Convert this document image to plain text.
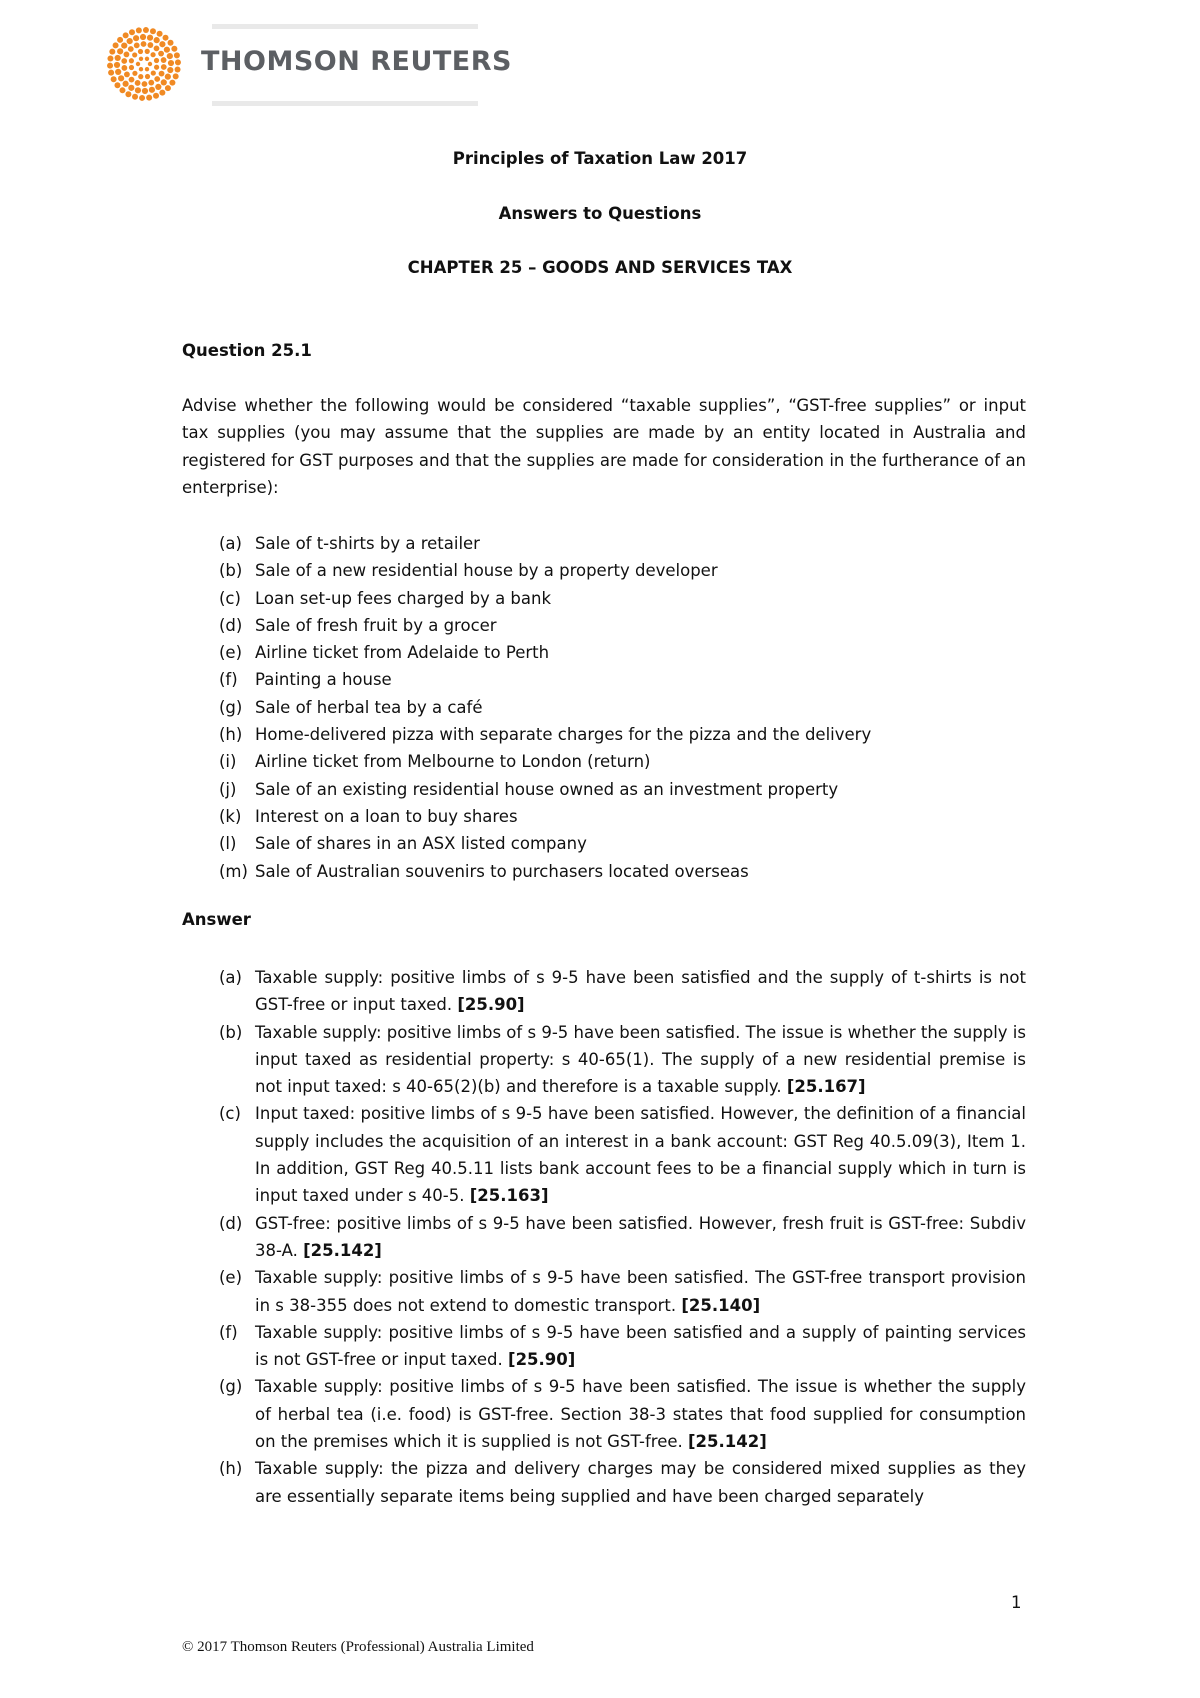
THOMSON REUTERS
Principles of Taxation Law 2017
Answers to Questions
CHAPTER 25 – GOODS AND SERVICES TAX
Question 25.1

Advise whether the following would be considered “taxable supplies”, “GST-free supplies” or input tax supplies (you may assume that the supplies are made by an entity located in Australia and registered for GST purposes and that the supplies are made for consideration in the furtherance of an enterprise):

(a) Sale of t-shirts by a retailer
(b) Sale of a new residential house by a property developer
(c) Loan set-up fees charged by a bank
(d) Sale of fresh fruit by a grocer
(e) Airline ticket from Adelaide to Perth
(f) Painting a house
(g) Sale of herbal tea by a café
(h) Home-delivered pizza with separate charges for the pizza and the delivery
(i) Airline ticket from Melbourne to London (return)
(j) Sale of an existing residential house owned as an investment property
(k) Interest on a loan to buy shares
(l) Sale of shares in an ASX listed company
(m) Sale of Australian souvenirs to purchasers located overseas
Answer
(a) Taxable supply: positive limbs of s 9-5 have been satisfied and the supply of t-shirts is not GST-free or input taxed. [25.90]
(b) Taxable supply: positive limbs of s 9-5 have been satisfied. The issue is whether the supply is input taxed as residential property: s 40-65(1). The supply of a new residential premise is not input taxed: s 40-65(2)(b) and therefore is a taxable supply. [25.167]
(c) Input taxed: positive limbs of s 9-5 have been satisfied. However, the definition of a financial supply includes the acquisition of an interest in a bank account: GST Reg 40.5.09(3), Item 1. In addition, GST Reg 40.5.11 lists bank account fees to be a financial supply which in turn is input taxed under s 40-5. [25.163]
(d) GST-free: positive limbs of s 9-5 have been satisfied. However, fresh fruit is GST-free: Subdiv 38-A. [25.142]
(e) Taxable supply: positive limbs of s 9-5 have been satisfied. The GST-free transport provision in s 38-355 does not extend to domestic transport. [25.140]
(f) Taxable supply: positive limbs of s 9-5 have been satisfied and a supply of painting services is not GST-free or input taxed. [25.90]
(g) Taxable supply: positive limbs of s 9-5 have been satisfied. The issue is whether the supply of herbal tea (i.e. food) is GST-free. Section 38-3 states that food supplied for consumption on the premises which it is supplied is not GST-free. [25.142]
(h) Taxable supply: the pizza and delivery charges may be considered mixed supplies as they are essentially separate items being supplied and have been charged separately
1
© 2017 Thomson Reuters (Professional) Australia Limited
